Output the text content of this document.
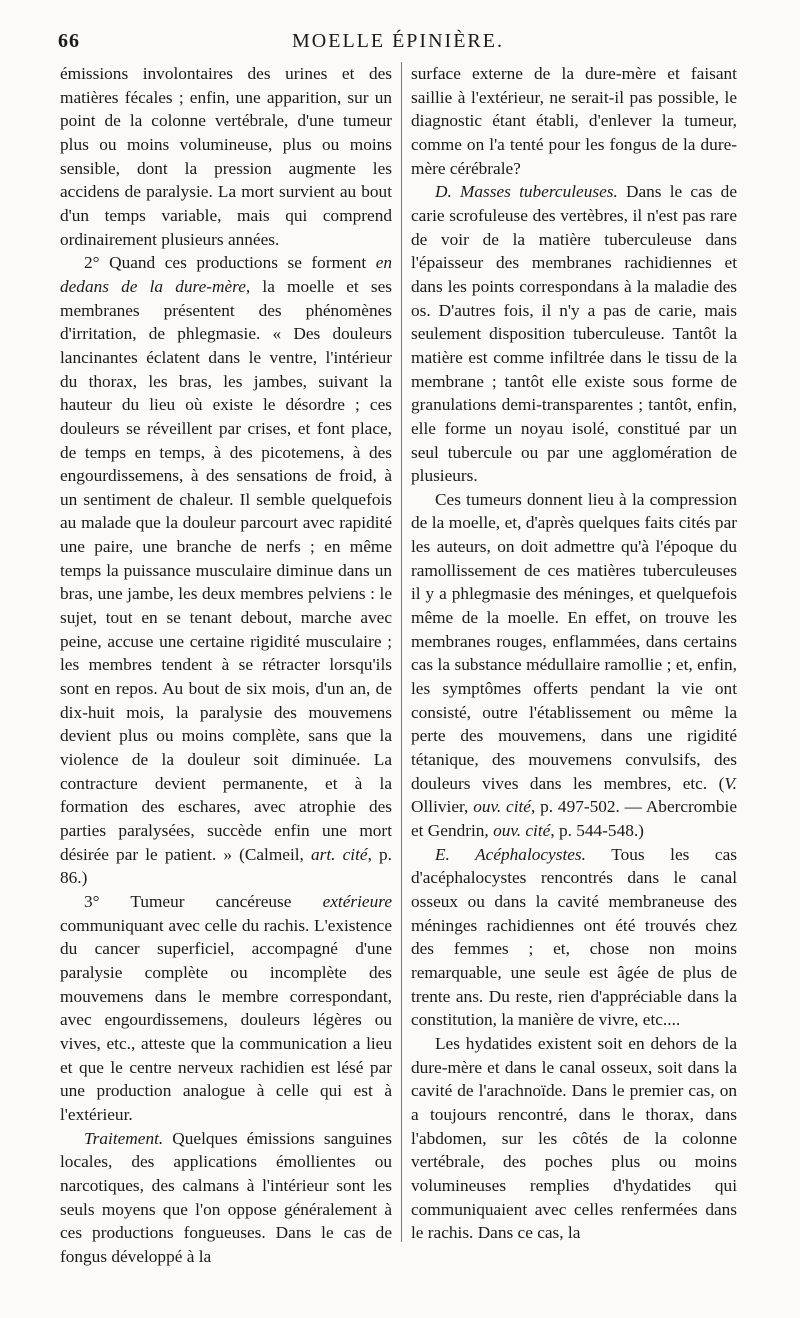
66	MOELLE ÉPINIÈRE.

émissions involontaires des urines et des matières fécales ; enfin, une apparition, sur un point de la colonne vertébrale, d'une tumeur plus ou moins volumineuse, plus ou moins sensible, dont la pression augmente les accidens de paralysie. La mort survient au bout d'un temps variable, mais qui comprend ordinairement plusieurs années.

2° Quand ces productions se forment en dedans de la dure-mère, la moelle et ses membranes présentent des phénomènes d'irritation, de phlegmasie. « Des douleurs lancinantes éclatent dans le ventre, l'intérieur du thorax, les bras, les jambes, suivant la hauteur du lieu où existe le désordre ; ces douleurs se réveillent par crises, et font place, de temps en temps, à des picotemens, à des engourdissemens, à des sensations de froid, à un sentiment de chaleur. Il semble quelquefois au malade que la douleur parcourt avec rapidité une paire, une branche de nerfs ; en même temps la puissance musculaire diminue dans un bras, une jambe, les deux membres pelviens : le sujet, tout en se tenant debout, marche avec peine, accuse une certaine rigidité musculaire ; les membres tendent à se rétracter lorsqu'ils sont en repos. Au bout de six mois, d'un an, de dix-huit mois, la paralysie des mouvemens devient plus ou moins complète, sans que la violence de la douleur soit diminuée. La contracture devient permanente, et à la formation des eschares, avec atrophie des parties paralysées, succède enfin une mort désirée par le patient. » (Calmeil, art. cité, p. 86.)

3° Tumeur cancéreuse extérieure communiquant avec celle du rachis. L'existence du cancer superficiel, accompagné d'une paralysie complète ou incomplète des mouvemens dans le membre correspondant, avec engourdissemens, douleurs légères ou vives, etc., atteste que la communication a lieu et que le centre nerveux rachidien est lésé par une production analogue à celle qui est à l'extérieur.

Traitement. Quelques émissions sanguines locales, des applications émollientes ou narcotiques, des calmans à l'intérieur sont les seuls moyens que l'on oppose généralement à ces productions fongueuses. Dans le cas de fongus développé à la

surface externe de la dure-mère et faisant saillie à l'extérieur, ne serait-il pas possible, le diagnostic étant établi, d'enlever la tumeur, comme on l'a tenté pour les fongus de la dure-mère cérébrale?

D. Masses tuberculeuses. Dans le cas de carie scrofuleuse des vertèbres, il n'est pas rare de voir de la matière tuberculeuse dans l'épaisseur des membranes rachidiennes et dans les points correspondans à la maladie des os. D'autres fois, il n'y a pas de carie, mais seulement disposition tuberculeuse. Tantôt la matière est comme infiltrée dans le tissu de la membrane ; tantôt elle existe sous forme de granulations demi-transparentes ; tantôt, enfin, elle forme un noyau isolé, constitué par un seul tubercule ou par une agglomération de plusieurs.

Ces tumeurs donnent lieu à la compression de la moelle, et, d'après quelques faits cités par les auteurs, on doit admettre qu'à l'époque du ramollissement de ces matières tuberculeuses il y a phlegmasie des méninges, et quelquefois même de la moelle. En effet, on trouve les membranes rouges, enflammées, dans certains cas la substance médullaire ramollie ; et, enfin, les symptômes offerts pendant la vie ont consisté, outre l'établissement ou même la perte des mouvemens, dans une rigidité tétanique, des mouvemens convulsifs, des douleurs vives dans les membres, etc. (V. Ollivier, ouv. cité, p. 497-502. — Abercrombie et Gendrin, ouv. cité, p. 544-548.)

E. Acéphalocystes. Tous les cas d'acéphalocystes rencontrés dans le canal osseux ou dans la cavité membraneuse des méninges rachidiennes ont été trouvés chez des femmes ; et, chose non moins remarquable, une seule est âgée de plus de trente ans. Du reste, rien d'appréciable dans la constitution, la manière de vivre, etc....

Les hydatides existent soit en dehors de la dure-mère et dans le canal osseux, soit dans la cavité de l'arachnoïde. Dans le premier cas, on a toujours rencontré, dans le thorax, dans l'abdomen, sur les côtés de la colonne vertébrale, des poches plus ou moins volumineuses remplies d'hydatides qui communiquaient avec celles renfermées dans le rachis. Dans ce cas, la
